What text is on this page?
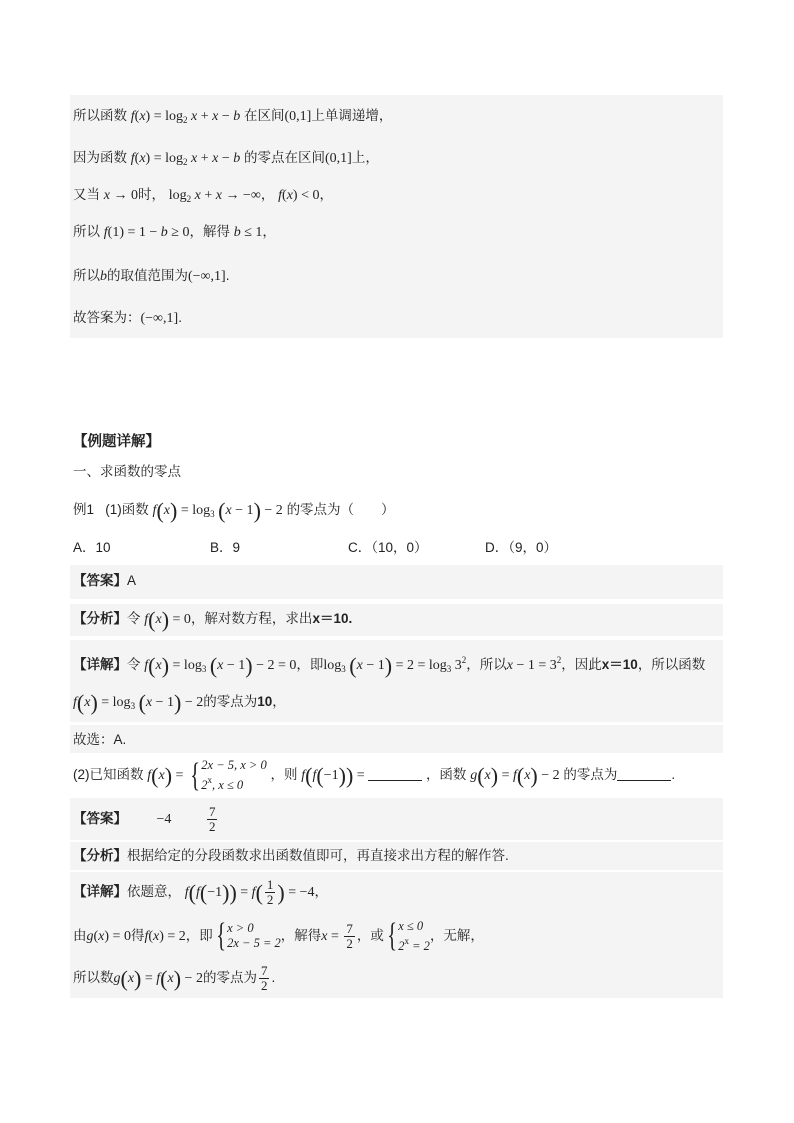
所以函数 $f(x) = \log_2 x + x - b$ 在区间(0,1]上单调递增，
因为函数 $f(x) = \log_2 x + x - b$ 的零点在区间(0,1]上，
又当 x → 0时， $\log_2 x + x$ → −∞， f(x) < 0，
所以 f(1) = 1 − b ≥ 0，解得 b ≤ 1，
所以b的取值范围为(−∞,1].
故答案为：(−∞,1].
【例题详解】
一、求函数的零点
例1 (1)函数 $f(x) = \log_3 (x - 1) - 2$ 的零点为（　　）
A．10	B．9	C．（10，0）	D．（9，0）
【答案】A
【分析】令 f(x) = 0，解对数方程，求出x＝10.
【详解】令 $f(x) = \log_3 (x - 1) - 2 = 0$，即$\log_3 (x - 1) = 2 = \log_3 3^2$，所以$x - 1 = 3^2$，因此x＝10，所以函数
$f(x) = \log_3 (x - 1) - 2$的零点为10，
故选：A.
(2)已知函数 f(x) = { 2x − 5, x > 0
2$^x$, x ≤ 0
，则 f(f(−1)) =	，函数 g(x) = f(x) − 2 的零点为	.
【答案】 −4	$\frac{7}{2}$
【分析】根据给定的分段函数求出函数值即可，再直接求出方程的解作答.
【详解】依题意， $f(f(-1)) = f( \frac{1}{2}$ ) = −4，
由g(x) = 0得f(x) = 2，即{ x > 0
2x − 5 = 2
，解得$x = \frac{7}{2}$ ，或{ x ≤ 0
$2^x = 2$
，无解，
所以数g(x) = f(x) − 2的零点为 $\frac{7}{2}$ .
